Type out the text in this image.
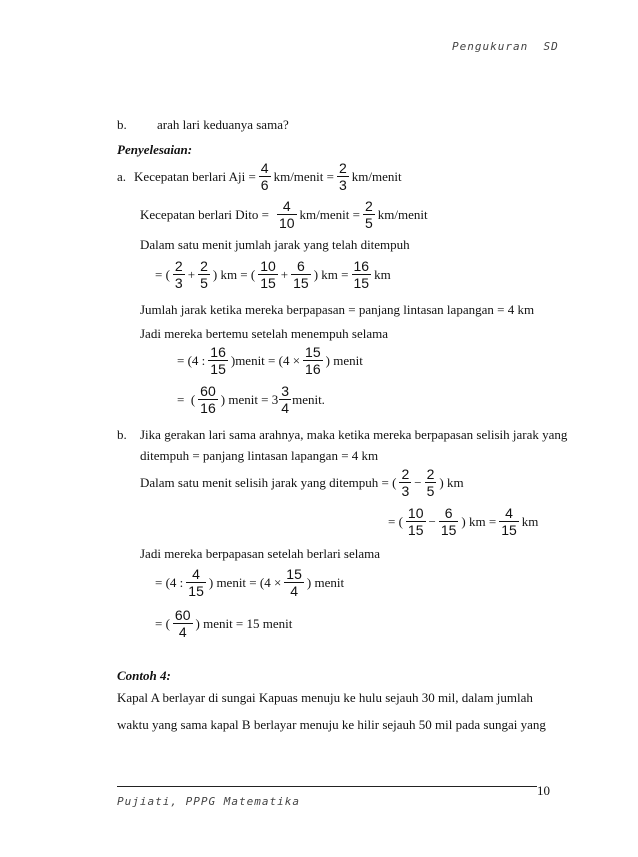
Pengukuran  SD
b. arah lari keduanya sama?
Penyelesaian:
a. Kecepatan berlari Aji = $\frac{4}{6}$ km/menit = $\frac{2}{3}$ km/menit
Kecepatan berlari Dito = $\frac{4}{10}$ km/menit = $\frac{2}{5}$ km/menit
Dalam satu menit jumlah jarak yang telah ditempuh
= ( $\frac{2}{3} + \frac{2}{5}$ ) km = ( $\frac{10}{15} + \frac{6}{15}$ ) km = $\frac{16}{15}$ km
Jumlah jarak ketika mereka berpapasan = panjang lintasan lapangan = 4 km
Jadi mereka bertemu setelah menempuh selama
= (4 : $\frac{16}{15}$ )menit = ($4 \times \frac{15}{16}$ ) menit
=  ( $\frac{60}{16}$ ) menit = $3 \frac{3}{4}$ menit.
b. Jika gerakan lari sama arahnya, maka ketika mereka berpapasan selisih jarak yang
ditempuh = panjang lintasan lapangan = 4 km
Dalam satu menit selisih jarak yang ditempuh = ( $\frac{2}{3} - \frac{2}{5}$ ) km
= ( $\frac{10}{15} - \frac{6}{15}$ ) km = $\frac{4}{15}$ km
Jadi mereka berpapasan setelah berlari selama
= (4 : $\frac{4}{15}$ ) menit = ($4 \times \frac{15}{4}$ ) menit
= ( $\frac{60}{4}$ ) menit = 15 menit
Contoh 4:
Kapal A berlayar di sungai Kapuas menuju ke hulu sejauh 30 mil, dalam jumlah
waktu yang sama kapal B berlayar menuju ke hilir sejauh 50 mil pada sungai yang
10
Pujiati, PPPG Matematika
